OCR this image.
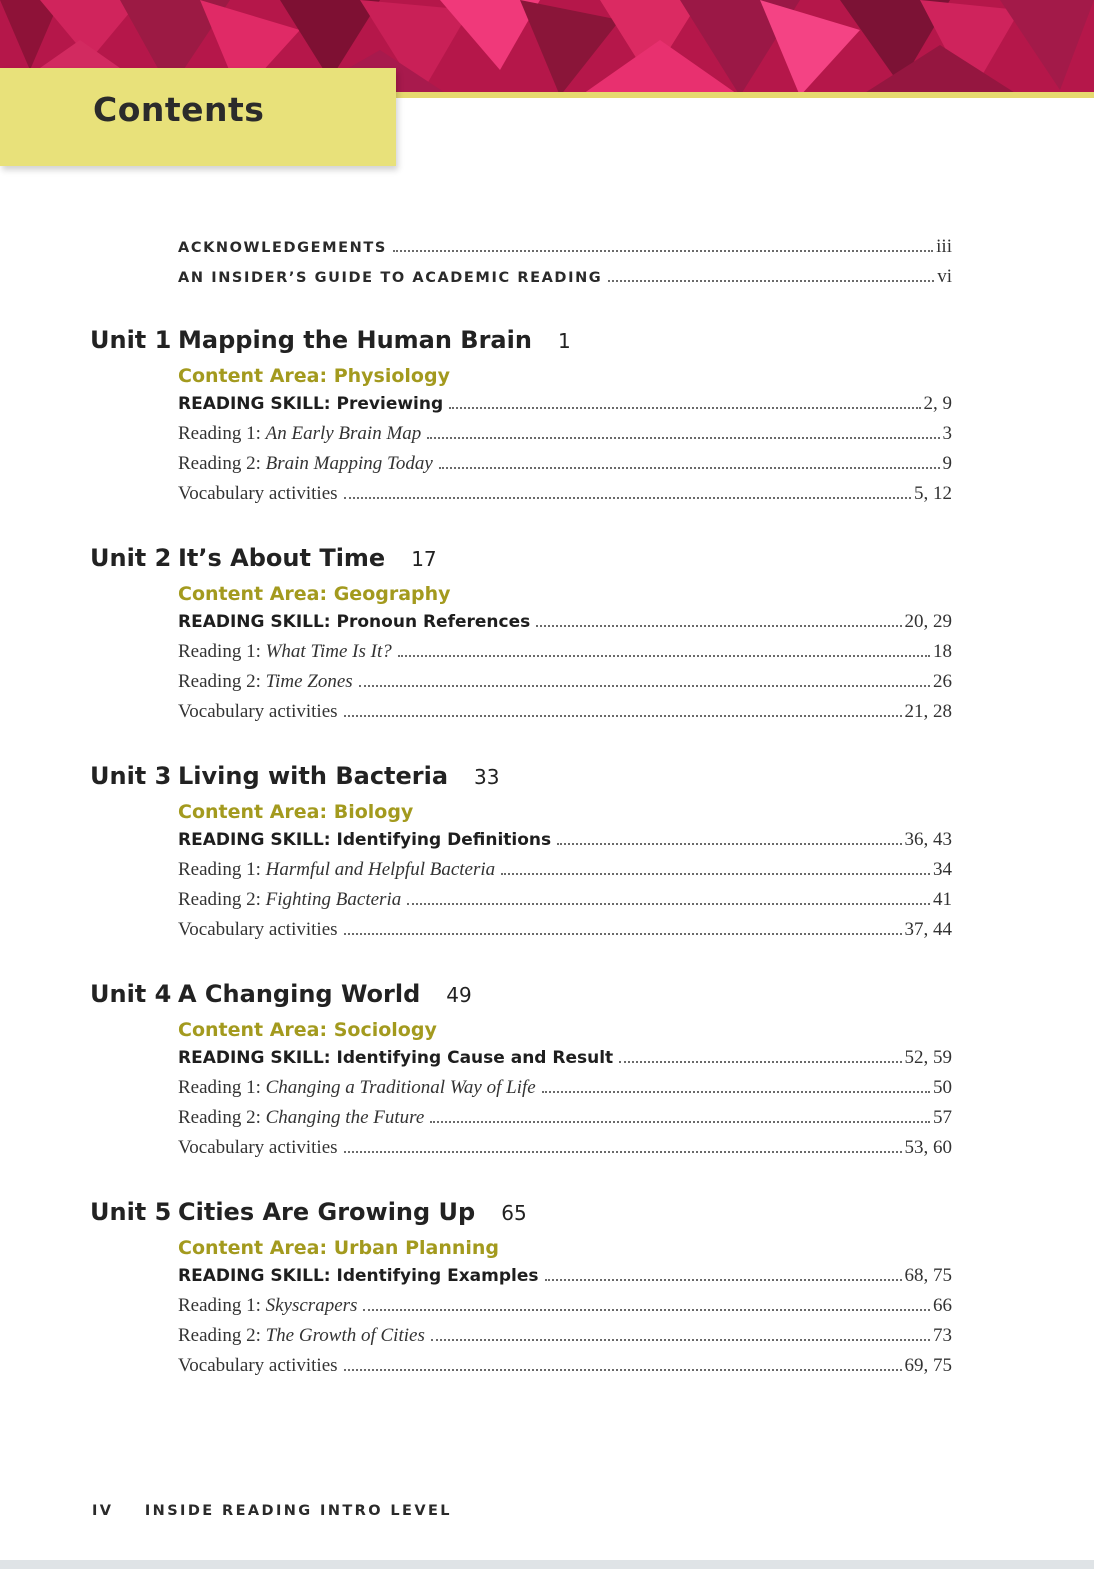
Contents
ACKNOWLEDGEMENTS	iii
AN INSIDER’S GUIDE TO ACADEMIC READING	vi
Unit 1 Mapping the Human Brain 1
Content Area: Physiology
READING SKILL: Previewing	2, 9
Reading 1: An Early Brain Map	3
Reading 2: Brain Mapping Today	9
Vocabulary activities	5, 12
Unit 2 It’s About Time 17
Content Area: Geography
READING SKILL: Pronoun References	20, 29
Reading 1: What Time Is It?	18
Reading 2: Time Zones	26
Vocabulary activities	21, 28
Unit 3 Living with Bacteria 33
Content Area: Biology
READING SKILL: Identifying Definitions	36, 43
Reading 1: Harmful and Helpful Bacteria	34
Reading 2: Fighting Bacteria	41
Vocabulary activities	37, 44
Unit 4 A Changing World 49
Content Area: Sociology
READING SKILL: Identifying Cause and Result	52, 59
Reading 1: Changing a Traditional Way of Life	50
Reading 2: Changing the Future	57
Vocabulary activities	53, 60
Unit 5 Cities Are Growing Up 65
Content Area: Urban Planning
READING SKILL: Identifying Examples	68, 75
Reading 1: Skyscrapers	66
Reading 2: The Growth of Cities	73
Vocabulary activities	69, 75
IV INSIDE READING INTRO LEVEL
